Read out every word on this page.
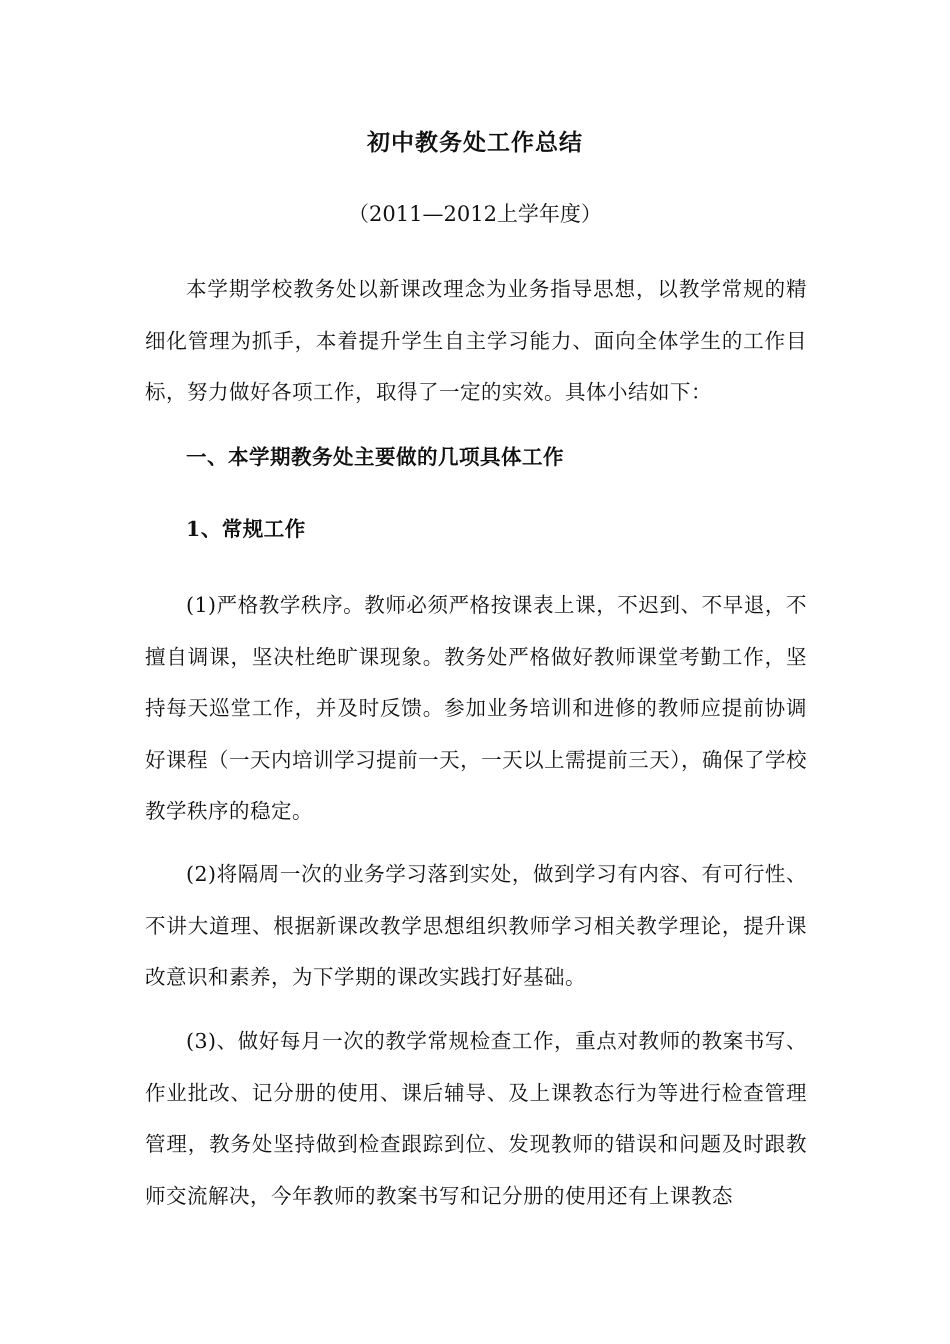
初中教务处工作总结
（2011—2012上学年度）

本学期学校教务处以新课改理念为业务指导思想，以教学常规的精细化管理为抓手，本着提升学生自主学习能力、面向全体学生的工作目标，努力做好各项工作，取得了一定的实效。具体小结如下：

一、本学期教务处主要做的几项具体工作
1、常规工作

(1)严格教学秩序。教师必须严格按课表上课，不迟到、不早退，不擅自调课，坚决杜绝旷课现象。教务处严格做好教师课堂考勤工作，坚持每天巡堂工作，并及时反馈。参加业务培训和进修的教师应提前协调好课程（一天内培训学习提前一天，一天以上需提前三天），确保了学校教学秩序的稳定。

(2)将隔周一次的业务学习落到实处，做到学习有内容、有可行性、不讲大道理、根据新课改教学思想组织教师学习相关教学理论，提升课改意识和素养，为下学期的课改实践打好基础。

(3)、做好每月一次的教学常规检查工作，重点对教师的教案书写、作业批改、记分册的使用、课后辅导、及上课教态行为等进行检查管理管理，教务处坚持做到检查跟踪到位、发现教师的错误和问题及时跟教师交流解决，今年教师的教案书写和记分册的使用还有上课教态
